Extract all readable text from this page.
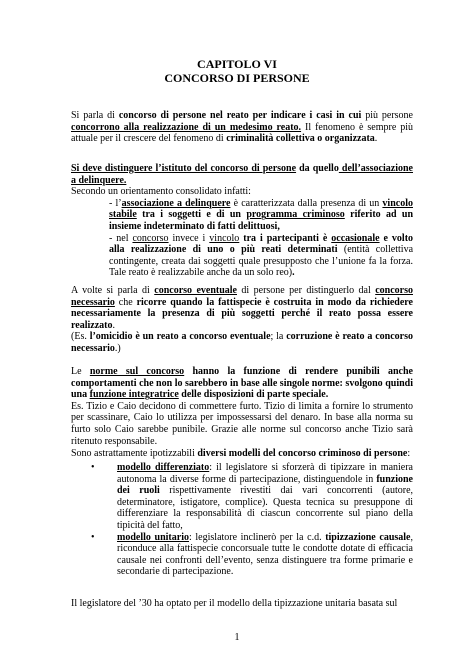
CAPITOLO VI
CONCORSO DI PERSONE
Si parla di concorso di persone nel reato per indicare i casi in cui più persone concorrono alla realizzazione di un medesimo reato. Il fenomeno è sempre più attuale per il crescere del fenomeno di criminalità collettiva o organizzata.
Si deve distinguere l’istituto del concorso di persone da quello dell’associazione a delinquere.
Secondo un orientamento consolidato infatti:
- l’associazione a delinquere è caratterizzata dalla presenza di un vincolo stabile tra i soggetti e di un programma criminoso riferito ad un insieme indeterminato di fatti delittuosi,
- nel concorso invece i vincolo tra i partecipanti è occasionale e volto alla realizzazione di uno o più reati determinati (entità collettiva contingente, creata dai soggetti quale presupposto che l’unione fa la forza. Tale reato è realizzabile anche da un solo reo).
A volte si parla di concorso eventuale di persone per distinguerlo dal concorso necessario che ricorre quando la fattispecie è costruita in modo da richiedere necessariamente la presenza di più soggetti perché il reato possa essere realizzato.
(Es. l’omicidio è un reato a concorso eventuale; la corruzione è reato a concorso necessario.)
Le norme sul concorso hanno la funzione di rendere punibili anche comportamenti che non lo sarebbero in base alle singole norme: svolgono quindi una funzione integratrice delle disposizioni di parte speciale.
Es. Tizio e Caio decidono di commettere furto. Tizio di limita a fornire lo strumento per scassinare, Caio lo utilizza per impossessarsi del denaro. In base alla norma su furto solo Caio sarebbe punibile. Grazie alle norme sul concorso anche Tizio sarà ritenuto responsabile.
Sono astrattamente ipotizzabili diversi modelli del concorso criminoso di persone:
• modello differenziato: il legislatore si sforzerà di tipizzare in maniera autonoma la diverse forme di partecipazione, distinguendole in funzione dei ruoli rispettivamente rivestiti dai vari concorrenti (autore, determinatore, istigatore, complice). Questa tecnica su presuppone di differenziare la responsabilità di ciascun concorrente sul piano della tipicità del fatto,
• modello unitario: legislatore inclinerò per la c.d. tipizzazione causale, riconduce alla fattispecie concorsuale tutte le condotte dotate di efficacia causale nei confronti dell’evento, senza distinguere tra forme primarie e secondarie di partecipazione.
Il legislatore del ’30 ha optato per il modello della tipizzazione unitaria basata sul
1
